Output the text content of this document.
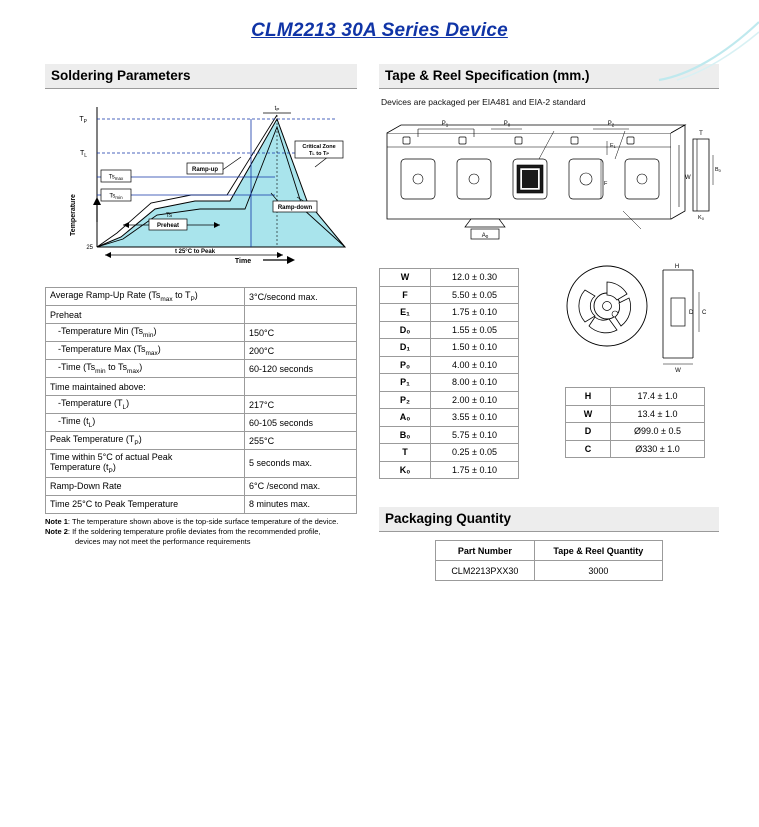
CLM2213 30A Series Device
Soldering Parameters
$T_P$
$T_L$
25
$Ts_{max}$
$Ts_{min}$
Ramp-up
Ramp-down
Critical Zone
TL to TP
Preheat
Ts
tP
t 25°C to Peak
Temperature
Time
Average Ramp-Up Rate ($Ts_{max}$ to $T_P$)	3°C/second max.
Preheat	
-Temperature Min $(Ts_{min})$	150°C
-Temperature Max $(Ts_{max})$	200°C
-Time ($Ts_{min}$ to $Ts_{max}$)	60-120 seconds
Time maintained above:	
-Temperature $(T_L)$	217°C
-Time $(t_L)$	60-105 seconds
Peak Temperature $(T_P)$	255°C
Time within 5°C of actual Peak
Temperature $(t_P)$	5 seconds max.
Ramp-Down Rate	6°C /second max.
Time 25°C to Peak Temperature	8 minutes max.
Note 1: The temperature shown above is the top-side surface temperature of the device.
Note 2: If the soldering temperature profile deviates from the recommended profile,
devices may not meet the performance requirements
Tape & Reel Specification (mm.)
Devices are packaged per EIA481 and EIA-2 standard
$P_1$	$P_0$	$P_2$
W
E1
F
T
B0
K0
A0
W	12.0 ± 0.30
F	5.50 ± 0.05
E₁	1.75 ± 0.10
D₀	1.55 ± 0.05
D₁	1.50 ± 0.10
P₀	4.00 ± 0.10
P₁	8.00 ± 0.10
P₂	2.00 ± 0.10
A₀	3.55 ± 0.10
B₀	5.75 ± 0.10
T	0.25 ± 0.05
K₀	1.75 ± 0.10
H
C
D
W
H	17.4 ± 1.0
W	13.4 ± 1.0
D	Ø99.0 ± 0.5
C	Ø330 ± 1.0
Packaging Quantity
Part Number	Tape & Reel Quantity
CLM2213PXX30	3000
